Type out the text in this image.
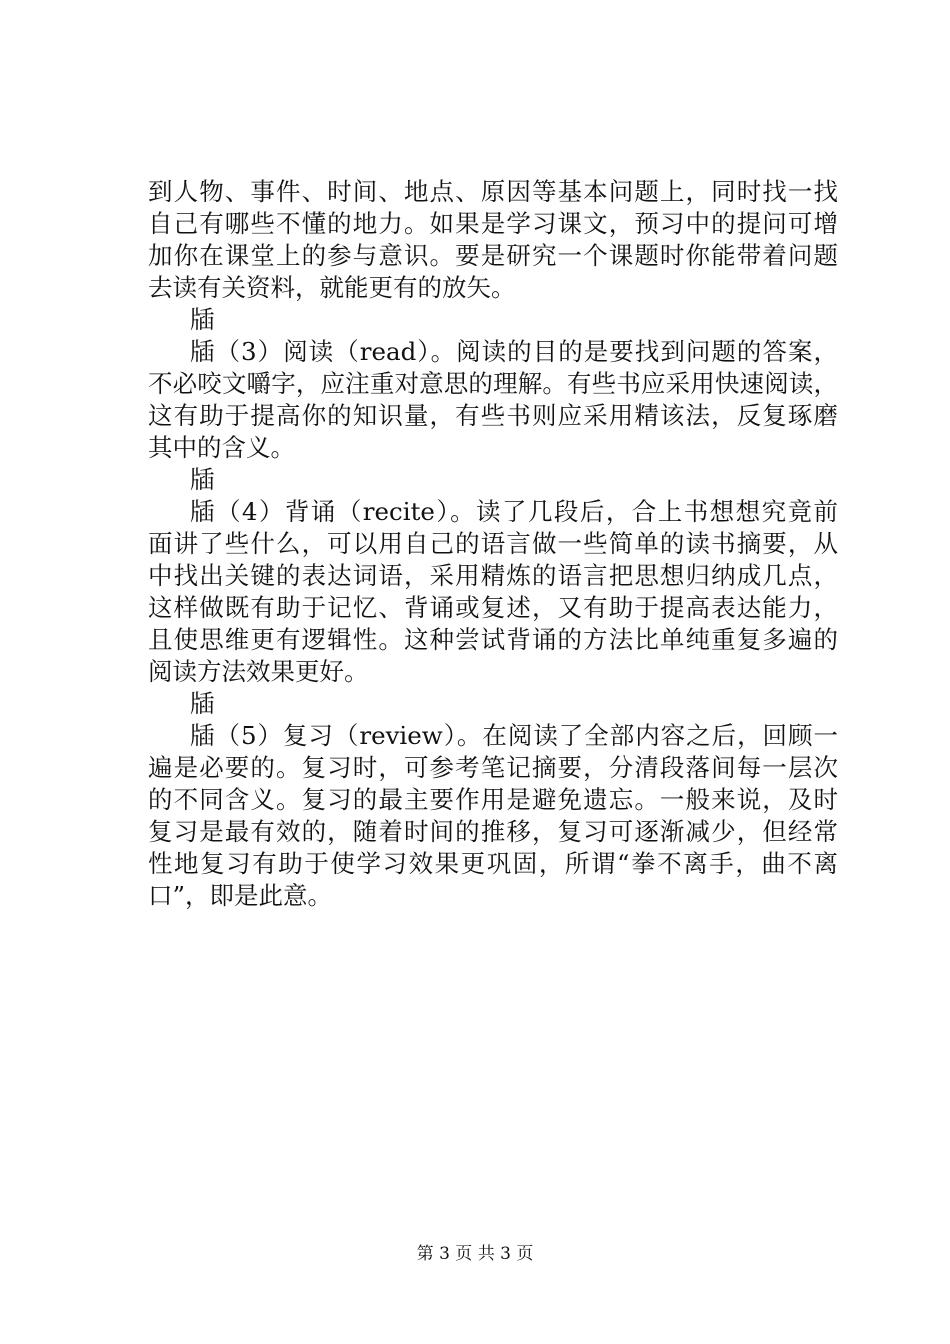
到人物、事件、时间、地点、原因等基本问题上，同时找一找
自己有哪些不懂的地力。如果是学习课文，预习中的提问可增
加你在课堂上的参与意识。要是研究一个课题时你能带着问题
去读有关资料，就能更有的放矢。
牐
牐（3）阅读（read）。阅读的目的是要找到问题的答案，
不必咬文嚼字，应注重对意思的理解。有些书应采用快速阅读，
这有助于提高你的知识量，有些书则应采用精该法，反复琢磨
其中的含义。
牐
牐（4）背诵（recite）。读了几段后，合上书想想究竟前
面讲了些什么，可以用自己的语言做一些简单的读书摘要，从
中找出关键的表达词语，采用精炼的语言把思想归纳成几点，
这样做既有助于记忆、背诵或复述，又有助于提高表达能力，
且使思维更有逻辑性。这种尝试背诵的方法比单纯重复多遍的
阅读方法效果更好。
牐
牐（5）复习（review）。在阅读了全部内容之后，回顾一
遍是必要的。复习时，可参考笔记摘要，分清段落间每一层次
的不同含义。复习的最主要作用是避免遗忘。一般来说，及时
复习是最有效的，随着时间的推移，复习可逐渐减少，但经常
性地复习有助于使学习效果更巩固，所谓“拳不离手，曲不离
口”，即是此意。
第 3 页 共 3 页
